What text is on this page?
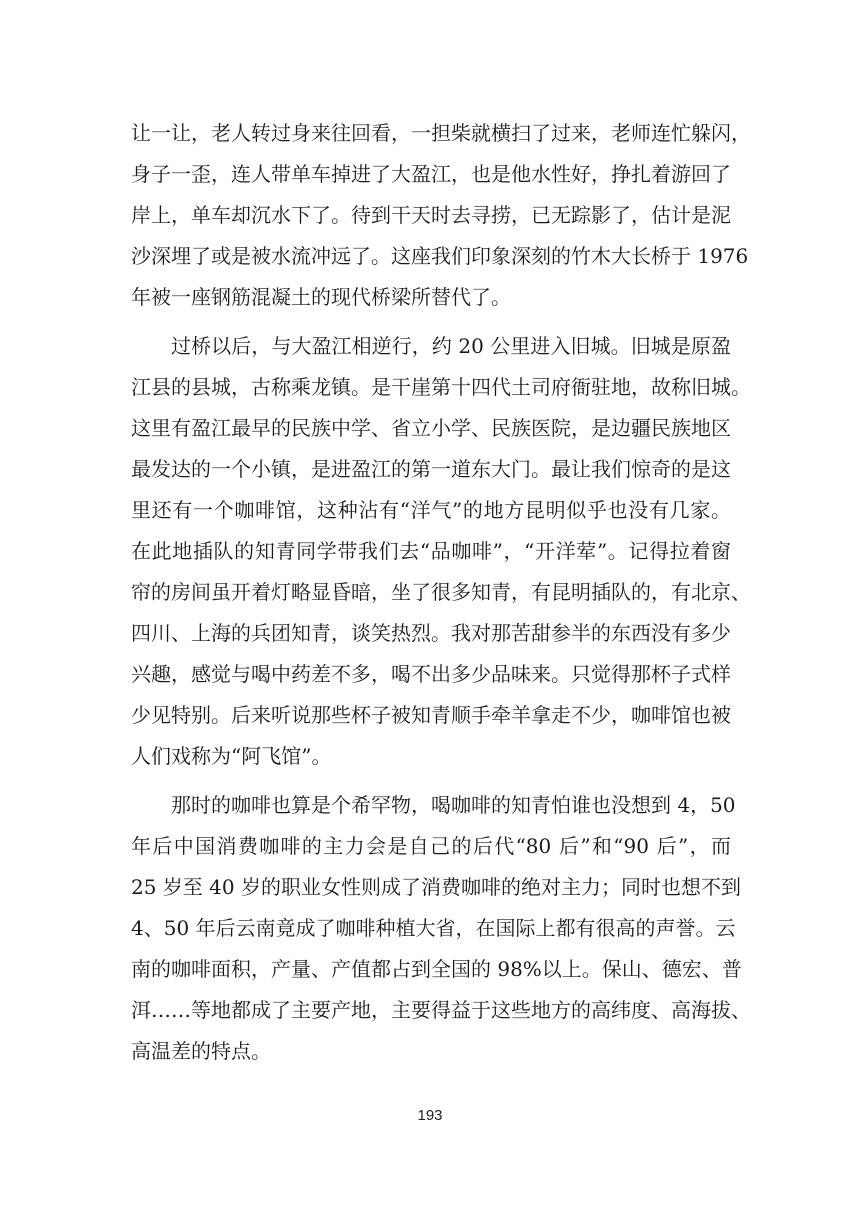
让一让，老人转过身来往回看，一担柴就横扫了过来，老师连忙躲闪，
身子一歪，连人带单车掉进了大盈江，也是他水性好，挣扎着游回了
岸上，单车却沉水下了。待到干天时去寻捞，已无踪影了，估计是泥
沙深埋了或是被水流冲远了。这座我们印象深刻的竹木大长桥于 1976
年被一座钢筋混凝土的现代桥梁所替代了。
过桥以后，与大盈江相逆行，约 20 公里进入旧城。旧城是原盈
江县的县城，古称乘龙镇。是干崖第十四代土司府衙驻地，故称旧城。
这里有盈江最早的民族中学、省立小学、民族医院，是边疆民族地区
最发达的一个小镇，是进盈江的第一道东大门。最让我们惊奇的是这
里还有一个咖啡馆，这种沾有“洋气”的地方昆明似乎也没有几家。
在此地插队的知青同学带我们去“品咖啡”，“开洋荤”。记得拉着窗
帘的房间虽开着灯略显昏暗，坐了很多知青，有昆明插队的，有北京、
四川、上海的兵团知青，谈笑热烈。我对那苦甜参半的东西没有多少
兴趣，感觉与喝中药差不多，喝不出多少品味来。只觉得那杯子式样
少见特别。后来听说那些杯子被知青顺手牵羊拿走不少，咖啡馆也被
人们戏称为“阿飞馆”。
那时的咖啡也算是个希罕物，喝咖啡的知青怕谁也没想到 4，50
年后中国消费咖啡的主力会是自己的后代“80 后”和“90 后”，而
25 岁至 40 岁的职业女性则成了消费咖啡的绝对主力；同时也想不到
4、50 年后云南竟成了咖啡种植大省，在国际上都有很高的声誉。云
南的咖啡面积，产量、产值都占到全国的 98%以上。保山、德宏、普
洱……等地都成了主要产地，主要得益于这些地方的高纬度、高海拔、
高温差的特点。
193
